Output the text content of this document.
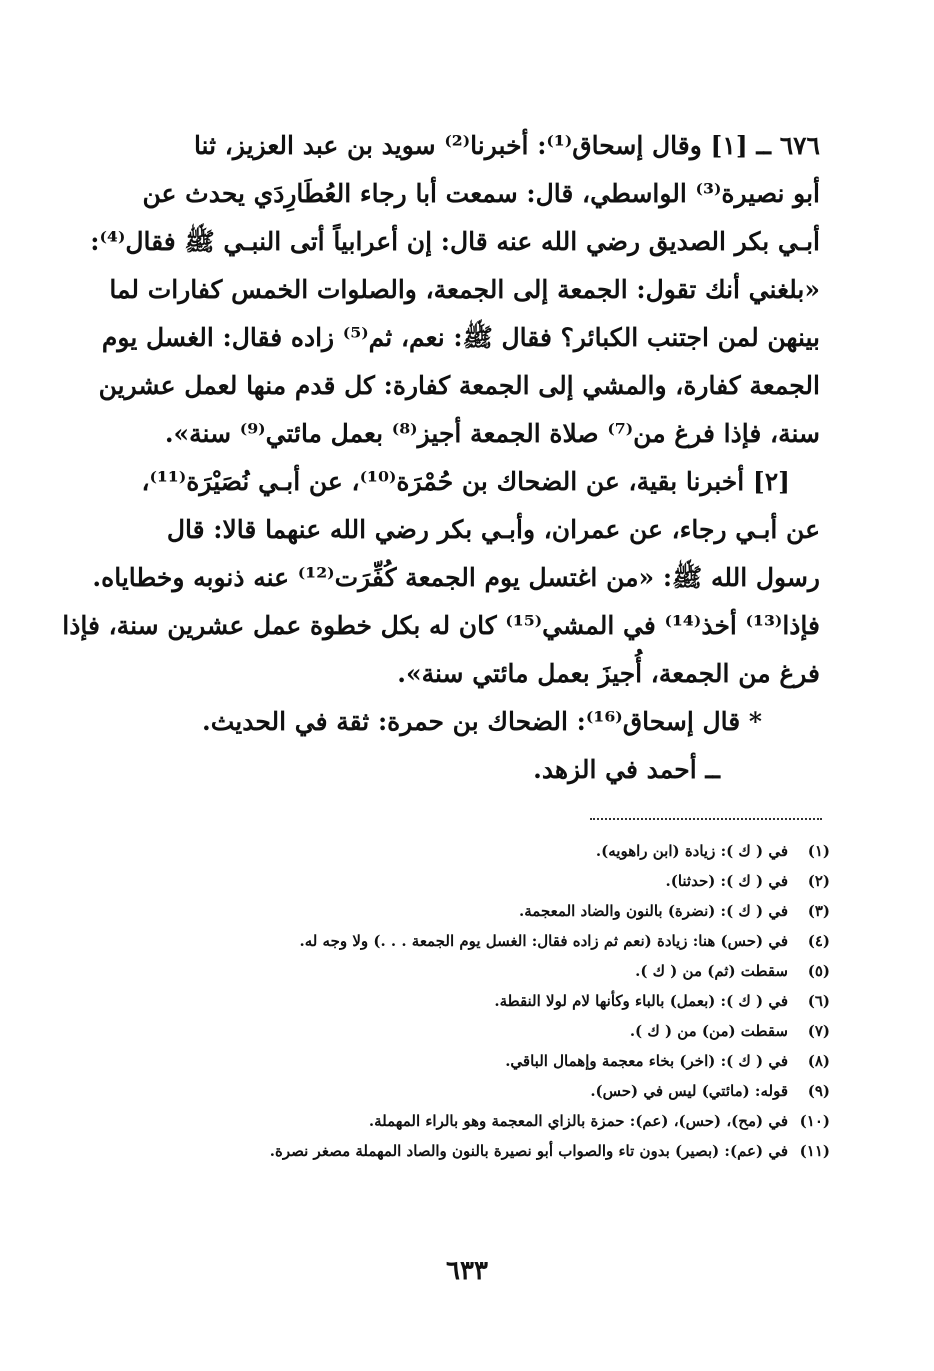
٦٧٦ ــ [١] وقال إسحاق⁽¹⁾: أخبرنا⁽²⁾ سويد بن عبد العزيز، ثنا
أبو نصيرة⁽³⁾ الواسطي، قال: سمعت أبا رجاء العُطَارِدَي يحدث عن
أبـي بكر الصديق رضي الله عنه قال: إن أعرابياً أتى النبـي ﷺ فقال⁽⁴⁾:
«بلغني أنك تقول: الجمعة إلى الجمعة، والصلوات الخمس كفارات لما
بينهن لمن اجتنب الكبائر؟ فقال ﷺ: نعم، ثم⁽⁵⁾ زاده فقال: الغسل يوم
الجمعة كفارة، والمشي إلى الجمعة كفارة: كل قدم منها لعمل عشرين
سنة، فإذا فرغ من⁽⁷⁾ صلاة الجمعة أجيز⁽⁸⁾ بعمل مائتي⁽⁹⁾ سنة».
[٢] أخبرنا بقية، عن الضحاك بن حُمْرَة⁽¹⁰⁾، عن أبـي نُصَيْرَة⁽¹¹⁾،
عن أبـي رجاء، عن عمران، وأبـي بكر رضي الله عنهما قالا: قال
رسول الله ﷺ: «من اغتسل يوم الجمعة كُفِّرَت⁽¹²⁾ عنه ذنوبه وخطاياه.
فإذا⁽¹³⁾ أخذ⁽¹⁴⁾ في المشي⁽¹⁵⁾ كان له بكل خطوة عمل عشرين سنة، فإذا
فرغ من الجمعة، أُجيزَ بعمل مائتي سنة».
* قال إسحاق⁽¹⁶⁾: الضحاك بن حمرة: ثقة في الحديث.
ــ أحمد في الزهد.
(١)
في ( ك ): زيادة (ابن راهويه).
(٢)
في ( ك ): (حدثنا).
(٣)
في ( ك ): (نضرة) بالنون والضاد المعجمة.
(٤)
في (حس) هنا: زيادة (نعم ثم زاده فقال: الغسل يوم الجمعة . . .) ولا وجه له.
(٥)
سقطت (ثم) من ( ك ).
(٦)
في ( ك ): (بعمل) بالباء وكأنها لام لولا النقطة.
(٧)
سقطت (من) من ( ك ).
(٨)
في ( ك ): (اخر) بخاء معجمة وإهمال الباقي.
(٩)
قوله: (مائتي) ليس في (حس).
(١٠)
في (مح)، (حس)، (عم): حمزة بالزاي المعجمة وهو بالراء المهملة.
(١١)
في (عم): (بصير) بدون تاء والصواب أبو نصيرة بالنون والصاد المهملة مصغر نصرة.
٦٣٣
